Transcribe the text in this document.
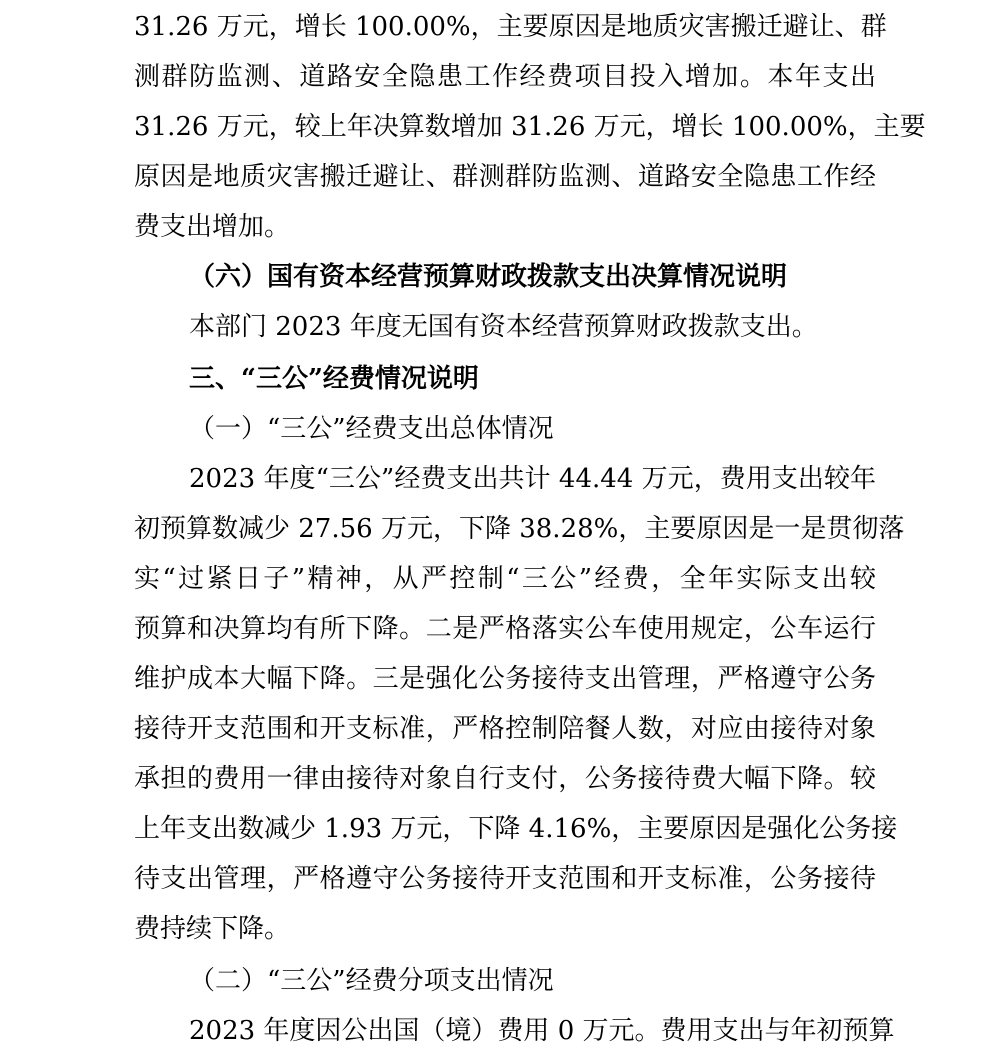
31.26 万元，增长 100.00%，主要原因是地质灾害搬迁避让、群
测群防监测、道路安全隐患工作经费项目投入增加。本年支出
31.26 万元，较上年决算数增加 31.26 万元，增长 100.00%，主要
原因是地质灾害搬迁避让、群测群防监测、道路安全隐患工作经
费支出增加。
（六）国有资本经营预算财政拨款支出决算情况说明
本部门 2023 年度无国有资本经营预算财政拨款支出。
三、“三公”经费情况说明
（一）“三公”经费支出总体情况
2023 年度“三公”经费支出共计 44.44 万元，费用支出较年
初预算数减少 27.56 万元，下降 38.28%，主要原因是一是贯彻落
实“过紧日子”精神，从严控制“三公”经费，全年实际支出较
预算和决算均有所下降。二是严格落实公车使用规定，公车运行
维护成本大幅下降。三是强化公务接待支出管理，严格遵守公务
接待开支范围和开支标准，严格控制陪餐人数，对应由接待对象
承担的费用一律由接待对象自行支付，公务接待费大幅下降。较
上年支出数减少 1.93 万元，下降 4.16%，主要原因是强化公务接
待支出管理，严格遵守公务接待开支范围和开支标准，公务接待
费持续下降。
（二）“三公”经费分项支出情况
2023 年度因公出国（境）费用 0 万元。费用支出与年初预算
